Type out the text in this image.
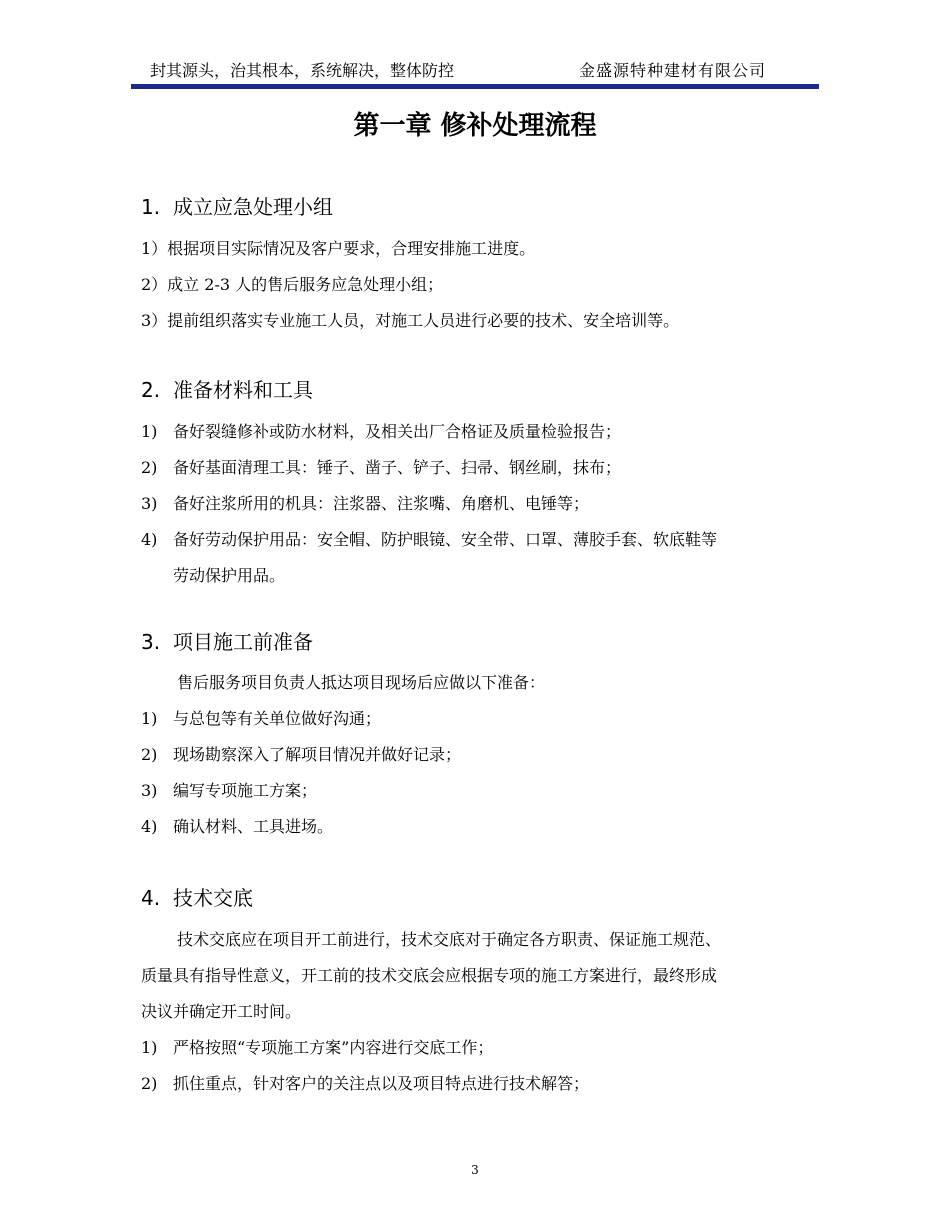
封其源头，治其根本，系统解决，整体防控	金盛源特种建材有限公司
第一章 修补处理流程
1. 成立应急处理小组
1）根据项目实际情况及客户要求，合理安排施工进度。
2）成立 2-3 人的售后服务应急处理小组；
3）提前组织落实专业施工人员，对施工人员进行必要的技术、安全培训等。
2. 准备材料和工具
1) 备好裂缝修补或防水材料，及相关出厂合格证及质量检验报告；
2) 备好基面清理工具：锤子、凿子、铲子、扫帚、钢丝刷，抹布；
3) 备好注浆所用的机具：注浆器、注浆嘴、角磨机、电锤等；
4) 备好劳动保护用品：安全帽、防护眼镜、安全带、口罩、薄胶手套、软底鞋等
劳动保护用品。
3. 项目施工前准备
售后服务项目负责人抵达项目现场后应做以下准备：
1) 与总包等有关单位做好沟通；
2) 现场勘察深入了解项目情况并做好记录；
3) 编写专项施工方案；
4) 确认材料、工具进场。
4. 技术交底
技术交底应在项目开工前进行，技术交底对于确定各方职责、保证施工规范、
质量具有指导性意义，开工前的技术交底会应根据专项的施工方案进行，最终形成
决议并确定开工时间。
1) 严格按照“专项施工方案”内容进行交底工作；
2) 抓住重点，针对客户的关注点以及项目特点进行技术解答；
3
